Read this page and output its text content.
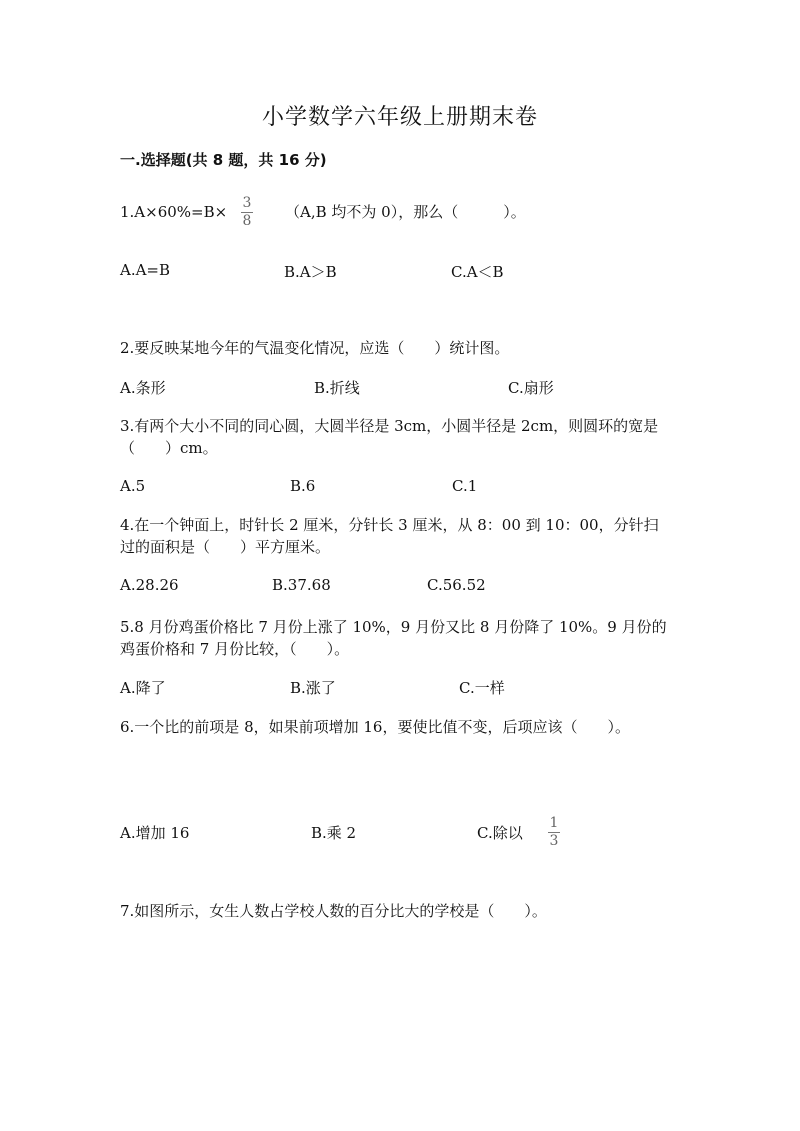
小学数学六年级上册期末卷
一.选择题(共 8 题，共 16 分)
1.A×60%=B× 3
8 （A,B 均不为 0），那么（　　　）。
A.A=B	B.A＞B	C.A＜B
2.要反映某地今年的气温变化情况，应选（　　）统计图。
A.条形	B.折线	C.扇形
3.有两个大小不同的同心圆，大圆半径是 3cm，小圆半径是 2cm，则圆环的宽是
（　　）cm。
A.5	B.6	C.1
4.在一个钟面上，时针长 2 厘米，分针长 3 厘米，从 8：00 到 10：00，分针扫
过的面积是（　　）平方厘米。
A.28.26	B.37.68	C.56.52
5.8 月份鸡蛋价格比 7 月份上涨了 10%，9 月份又比 8 月份降了 10%。9 月份的
鸡蛋价格和 7 月份比较，（　　）。
A.降了	B.涨了	C.一样
6.一个比的前项是 8，如果前项增加 16，要使比值不变，后项应该（　　）。
A.增加 16	B.乘 2	C.除以
1
3
7.如图所示，女生人数占学校人数的百分比大的学校是（　　）。
